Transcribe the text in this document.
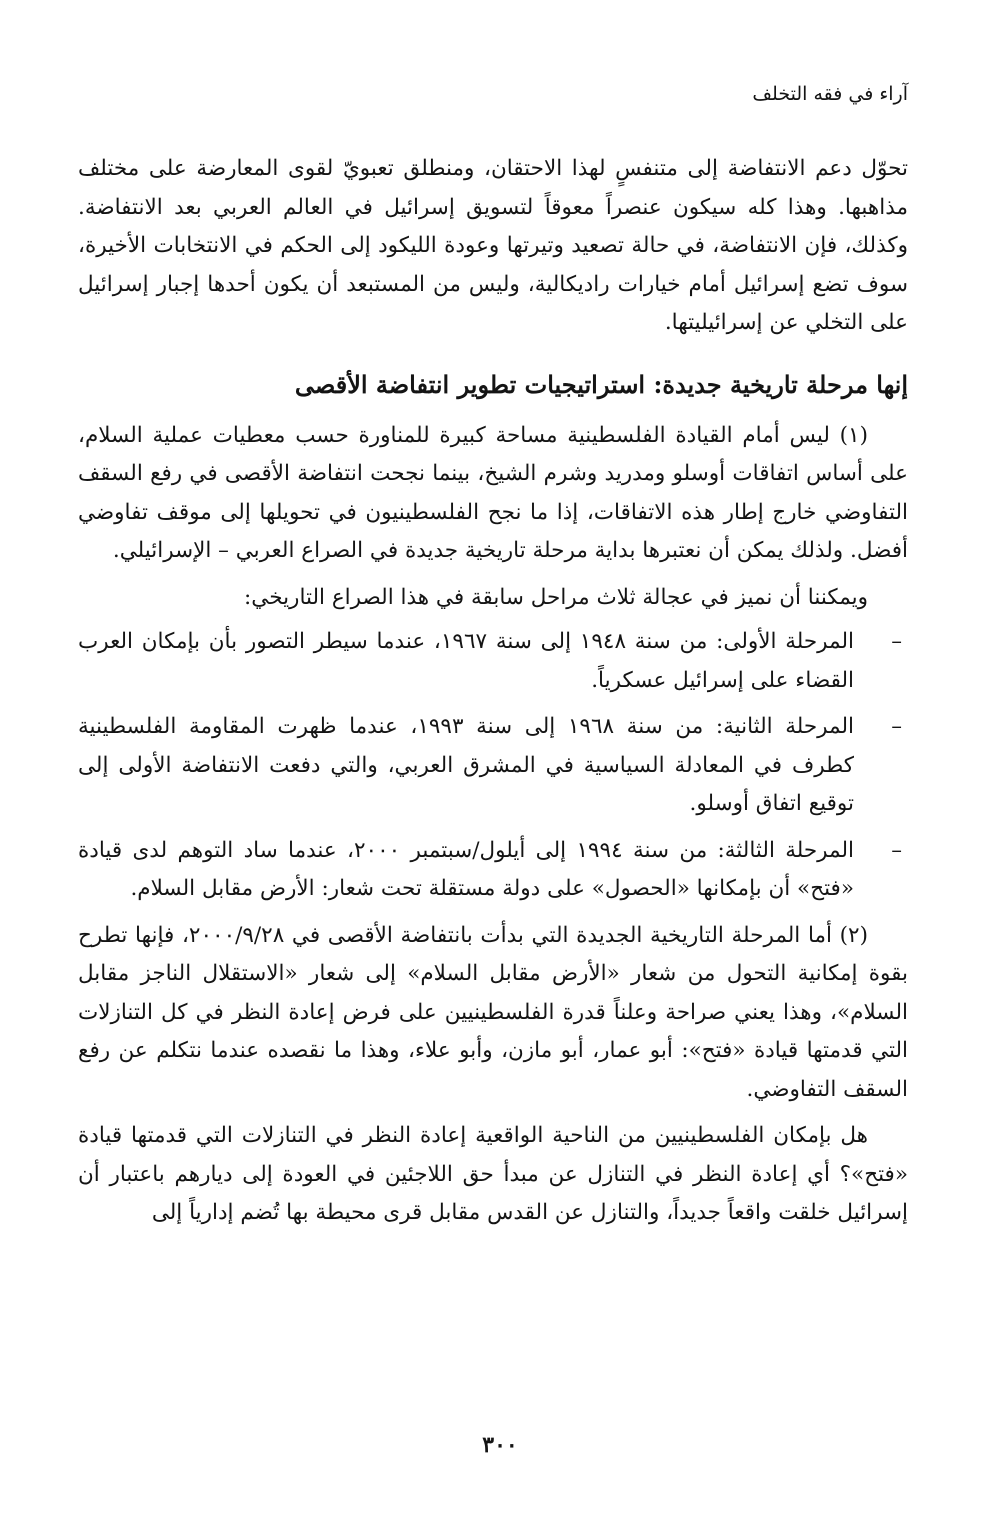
آراء في فقه التخلف

تحوّل دعم الانتفاضة إلى متنفسٍ لهذا الاحتقان، ومنطلق تعبويّ لقوى المعارضة على مختلف مذاهبها. وهذا كله سيكون عنصراً معوقاً لتسويق إسرائيل في العالم العربي بعد الانتفاضة. وكذلك، فإن الانتفاضة، في حالة تصعيد وتيرتها وعودة الليكود إلى الحكم في الانتخابات الأخيرة، سوف تضع إسرائيل أمام خيارات راديكالية، وليس من المستبعد أن يكون أحدها إجبار إسرائيل على التخلي عن إسرائيليتها.

إنها مرحلة تاريخية جديدة: استراتيجيات تطوير انتفاضة الأقصى

(١) ليس أمام القيادة الفلسطينية مساحة كبيرة للمناورة حسب معطيات عملية السلام، على أساس اتفاقات أوسلو ومدريد وشرم الشيخ، بينما نجحت انتفاضة الأقصى في رفع السقف التفاوضي خارج إطار هذه الاتفاقات، إذا ما نجح الفلسطينيون في تحويلها إلى موقف تفاوضي أفضل. ولذلك يمكن أن نعتبرها بداية مرحلة تاريخية جديدة في الصراع العربي – الإسرائيلي.

ويمكننا أن نميز في عجالة ثلاث مراحل سابقة في هذا الصراع التاريخي:

–
المرحلة الأولى: من سنة ١٩٤٨ إلى سنة ١٩٦٧، عندما سيطر التصور بأن بإمكان العرب القضاء على إسرائيل عسكرياً.
–
المرحلة الثانية: من سنة ١٩٦٨ إلى سنة ١٩٩٣، عندما ظهرت المقاومة الفلسطينية كطرف في المعادلة السياسية في المشرق العربي، والتي دفعت الانتفاضة الأولى إلى توقيع اتفاق أوسلو.
–
المرحلة الثالثة: من سنة ١٩٩٤ إلى أيلول/سبتمبر ٢٠٠٠، عندما ساد التوهم لدى قيادة «فتح» أن بإمكانها «الحصول» على دولة مستقلة تحت شعار: الأرض مقابل السلام.

(٢) أما المرحلة التاريخية الجديدة التي بدأت بانتفاضة الأقصى في ٢٠٠٠/٩/٢٨، فإنها تطرح بقوة إمكانية التحول من شعار «الأرض مقابل السلام» إلى شعار «الاستقلال الناجز مقابل السلام»، وهذا يعني صراحة وعلناً قدرة الفلسطينيين على فرض إعادة النظر في كل التنازلات التي قدمتها قيادة «فتح»: أبو عمار، أبو مازن، وأبو علاء، وهذا ما نقصده عندما نتكلم عن رفع السقف التفاوضي.

هل بإمكان الفلسطينيين من الناحية الواقعية إعادة النظر في التنازلات التي قدمتها قيادة «فتح»؟ أي إعادة النظر في التنازل عن مبدأ حق اللاجئين في العودة إلى ديارهم باعتبار أن إسرائيل خلقت واقعاً جديداً، والتنازل عن القدس مقابل قرى محيطة بها تُضم إدارياً إلى

٣٠٠
